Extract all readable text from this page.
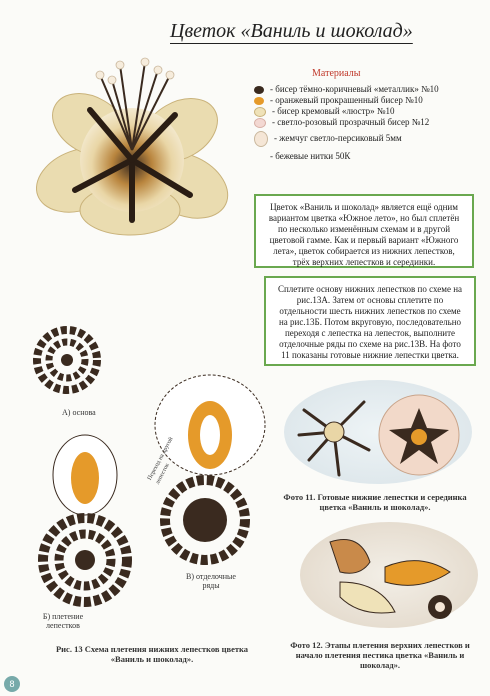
Цветок «Ваниль и шоколад»
Материалы
- бисер тёмно-коричневый «металлик» №10
- оранжевый прокрашенный бисер №10
- бисер кремовый «люстр» №10
- светло-розовый прозрачный бисер №12
- жемчуг светло-персиковый 5мм
- бежевые нитки 50К
Цветок «Ваниль и шоколад» является ещё одним вариантом цветка «Южное лето», но был сплетён по несколько изменённым схемам и в другой цветовой гамме. Как и первый вариант «Южного лета», цветок собирается из нижних лепестков, трёх верхних лепестков и серединки.
Сплетите основу нижних лепестков по схеме на рис.13А. Затем от основы сплетите по отдельности шесть нижних лепестков по схеме на рис.13Б. Потом вкруговую, последовательно переходя с лепестка на лепесток, выполните отделочные ряды по схеме на рис.13В. На фото 11 показаны готовые нижние лепестки цветка.
А) основа
Б) плетение лепестков
В) отделочные ряды
Переход на другой лепесток
Рис. 13 Схема плетения нижних лепестков цветка «Ваниль и шоколад».
Фото 11. Готовые нижние лепестки и серединка цветка «Ваниль и шоколад».
Фото 12. Этапы плетения верхних лепестков и начало плетения пестика цветка «Ваниль и шоколад».
8
